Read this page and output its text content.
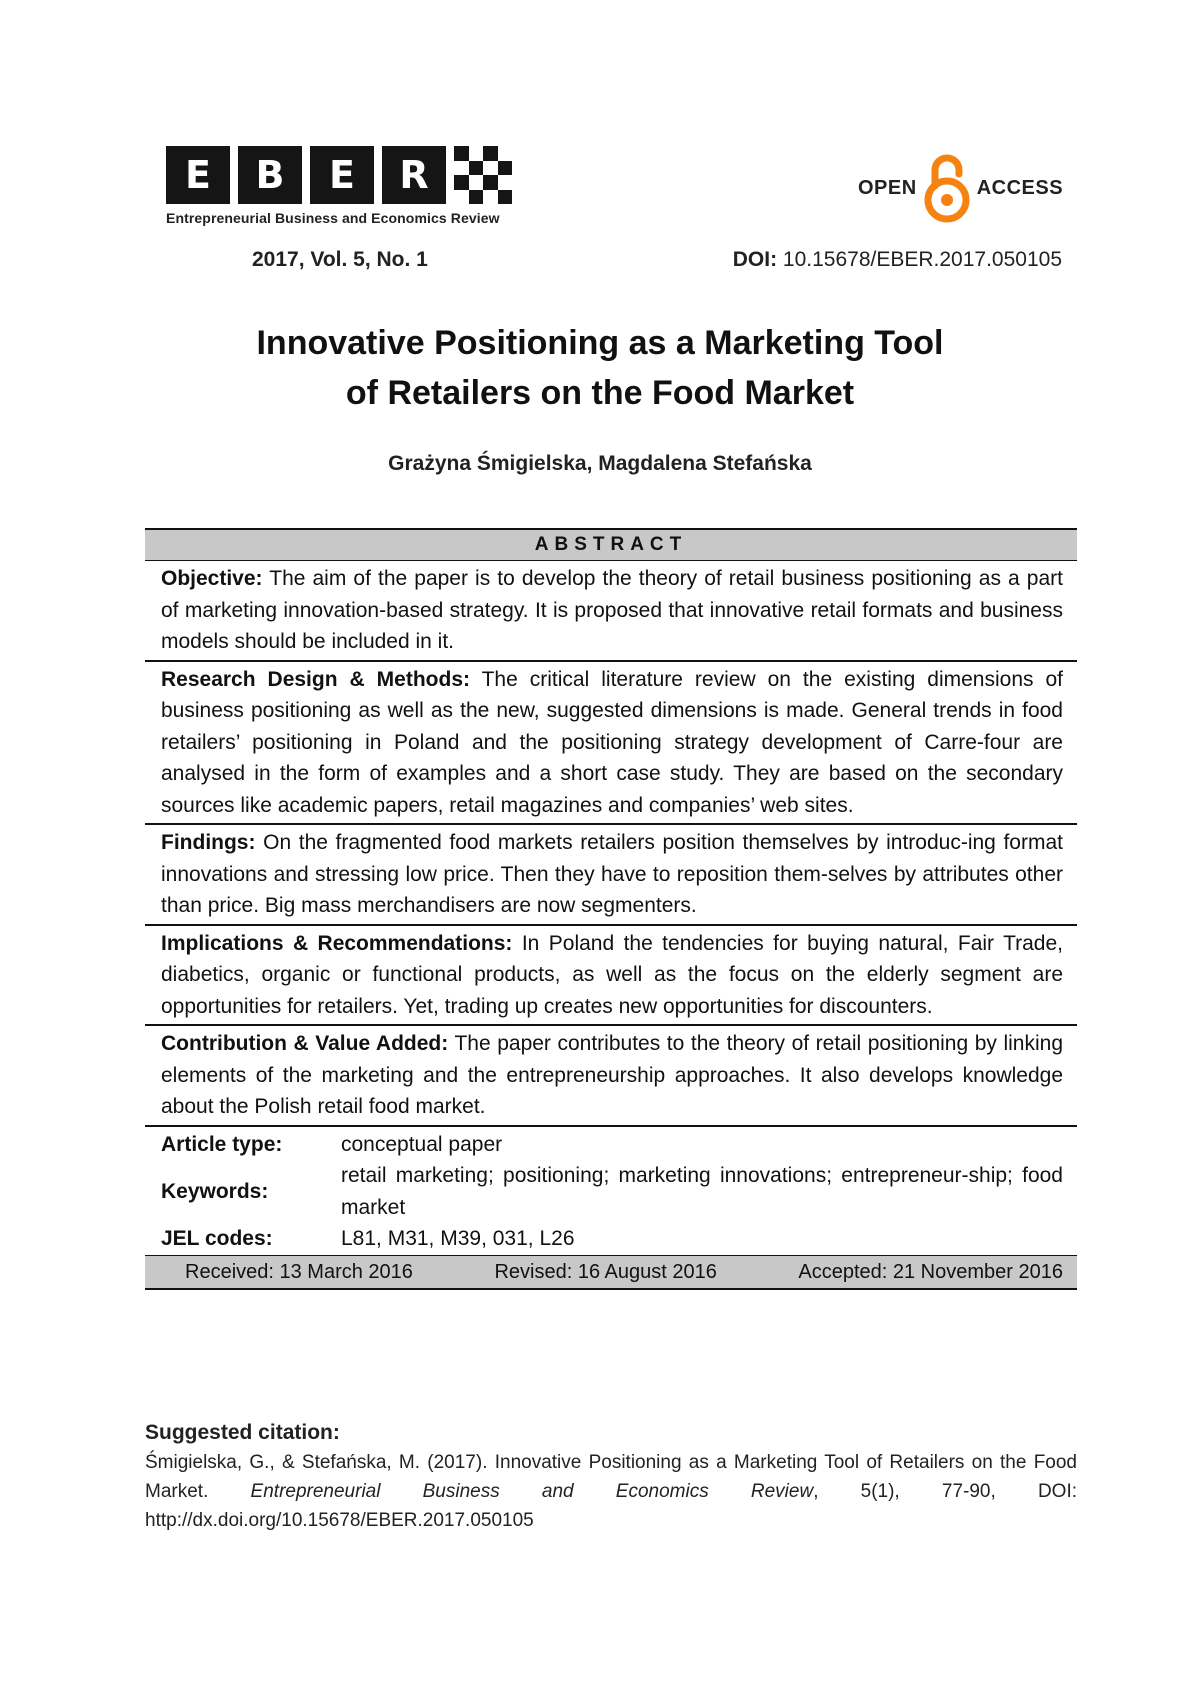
E	B	E	R
Entrepreneurial Business and Economics Review
OPEN	ACCESS
2017, Vol. 5, No. 1	DOI: 10.15678/EBER.2017.050105
Innovative Positioning as a Marketing Tool
of Retailers on the Food Market
Grażyna Śmigielska, Magdalena Stefańska
ABSTRACT
Objective: The aim of the paper is to develop the theory of retail business positioning as a part of marketing innovation-based strategy. It is proposed that innovative retail formats and business models should be included in it.
Research Design & Methods: The critical literature review on the existing dimensions of business positioning as well as the new, suggested dimensions is made. General trends in food retailers’ positioning in Poland and the positioning strategy development of Carre-four are analysed in the form of examples and a short case study. They are based on the secondary sources like academic papers, retail magazines and companies’ web sites.
Findings: On the fragmented food markets retailers position themselves by introduc-ing format innovations and stressing low price. Then they have to reposition them-selves by attributes other than price. Big mass merchandisers are now segmenters.
Implications & Recommendations: In Poland the tendencies for buying natural, Fair Trade, diabetics, organic or functional products, as well as the focus on the elderly segment are opportunities for retailers. Yet, trading up creates new opportunities for discounters.
Contribution & Value Added: The paper contributes to the theory of retail positioning by linking elements of the marketing and the entrepreneurship approaches. It also develops knowledge about the Polish retail food market.
Article type:	conceptual paper
Keywords:
retail marketing; positioning; marketing innovations; entrepreneur-ship; food market
JEL codes:	L81, M31, M39, 031, L26
Received: 13 March 2016	Revised: 16 August 2016	Accepted: 21 November 2016
Suggested citation:
Śmigielska, G., & Stefańska, M. (2017). Innovative Positioning as a Marketing Tool of Retailers on the Food Market. Entrepreneurial Business and Economics Review, 5(1), 77-90, DOI: http://dx.doi.org/10.15678/EBER.2017.050105
